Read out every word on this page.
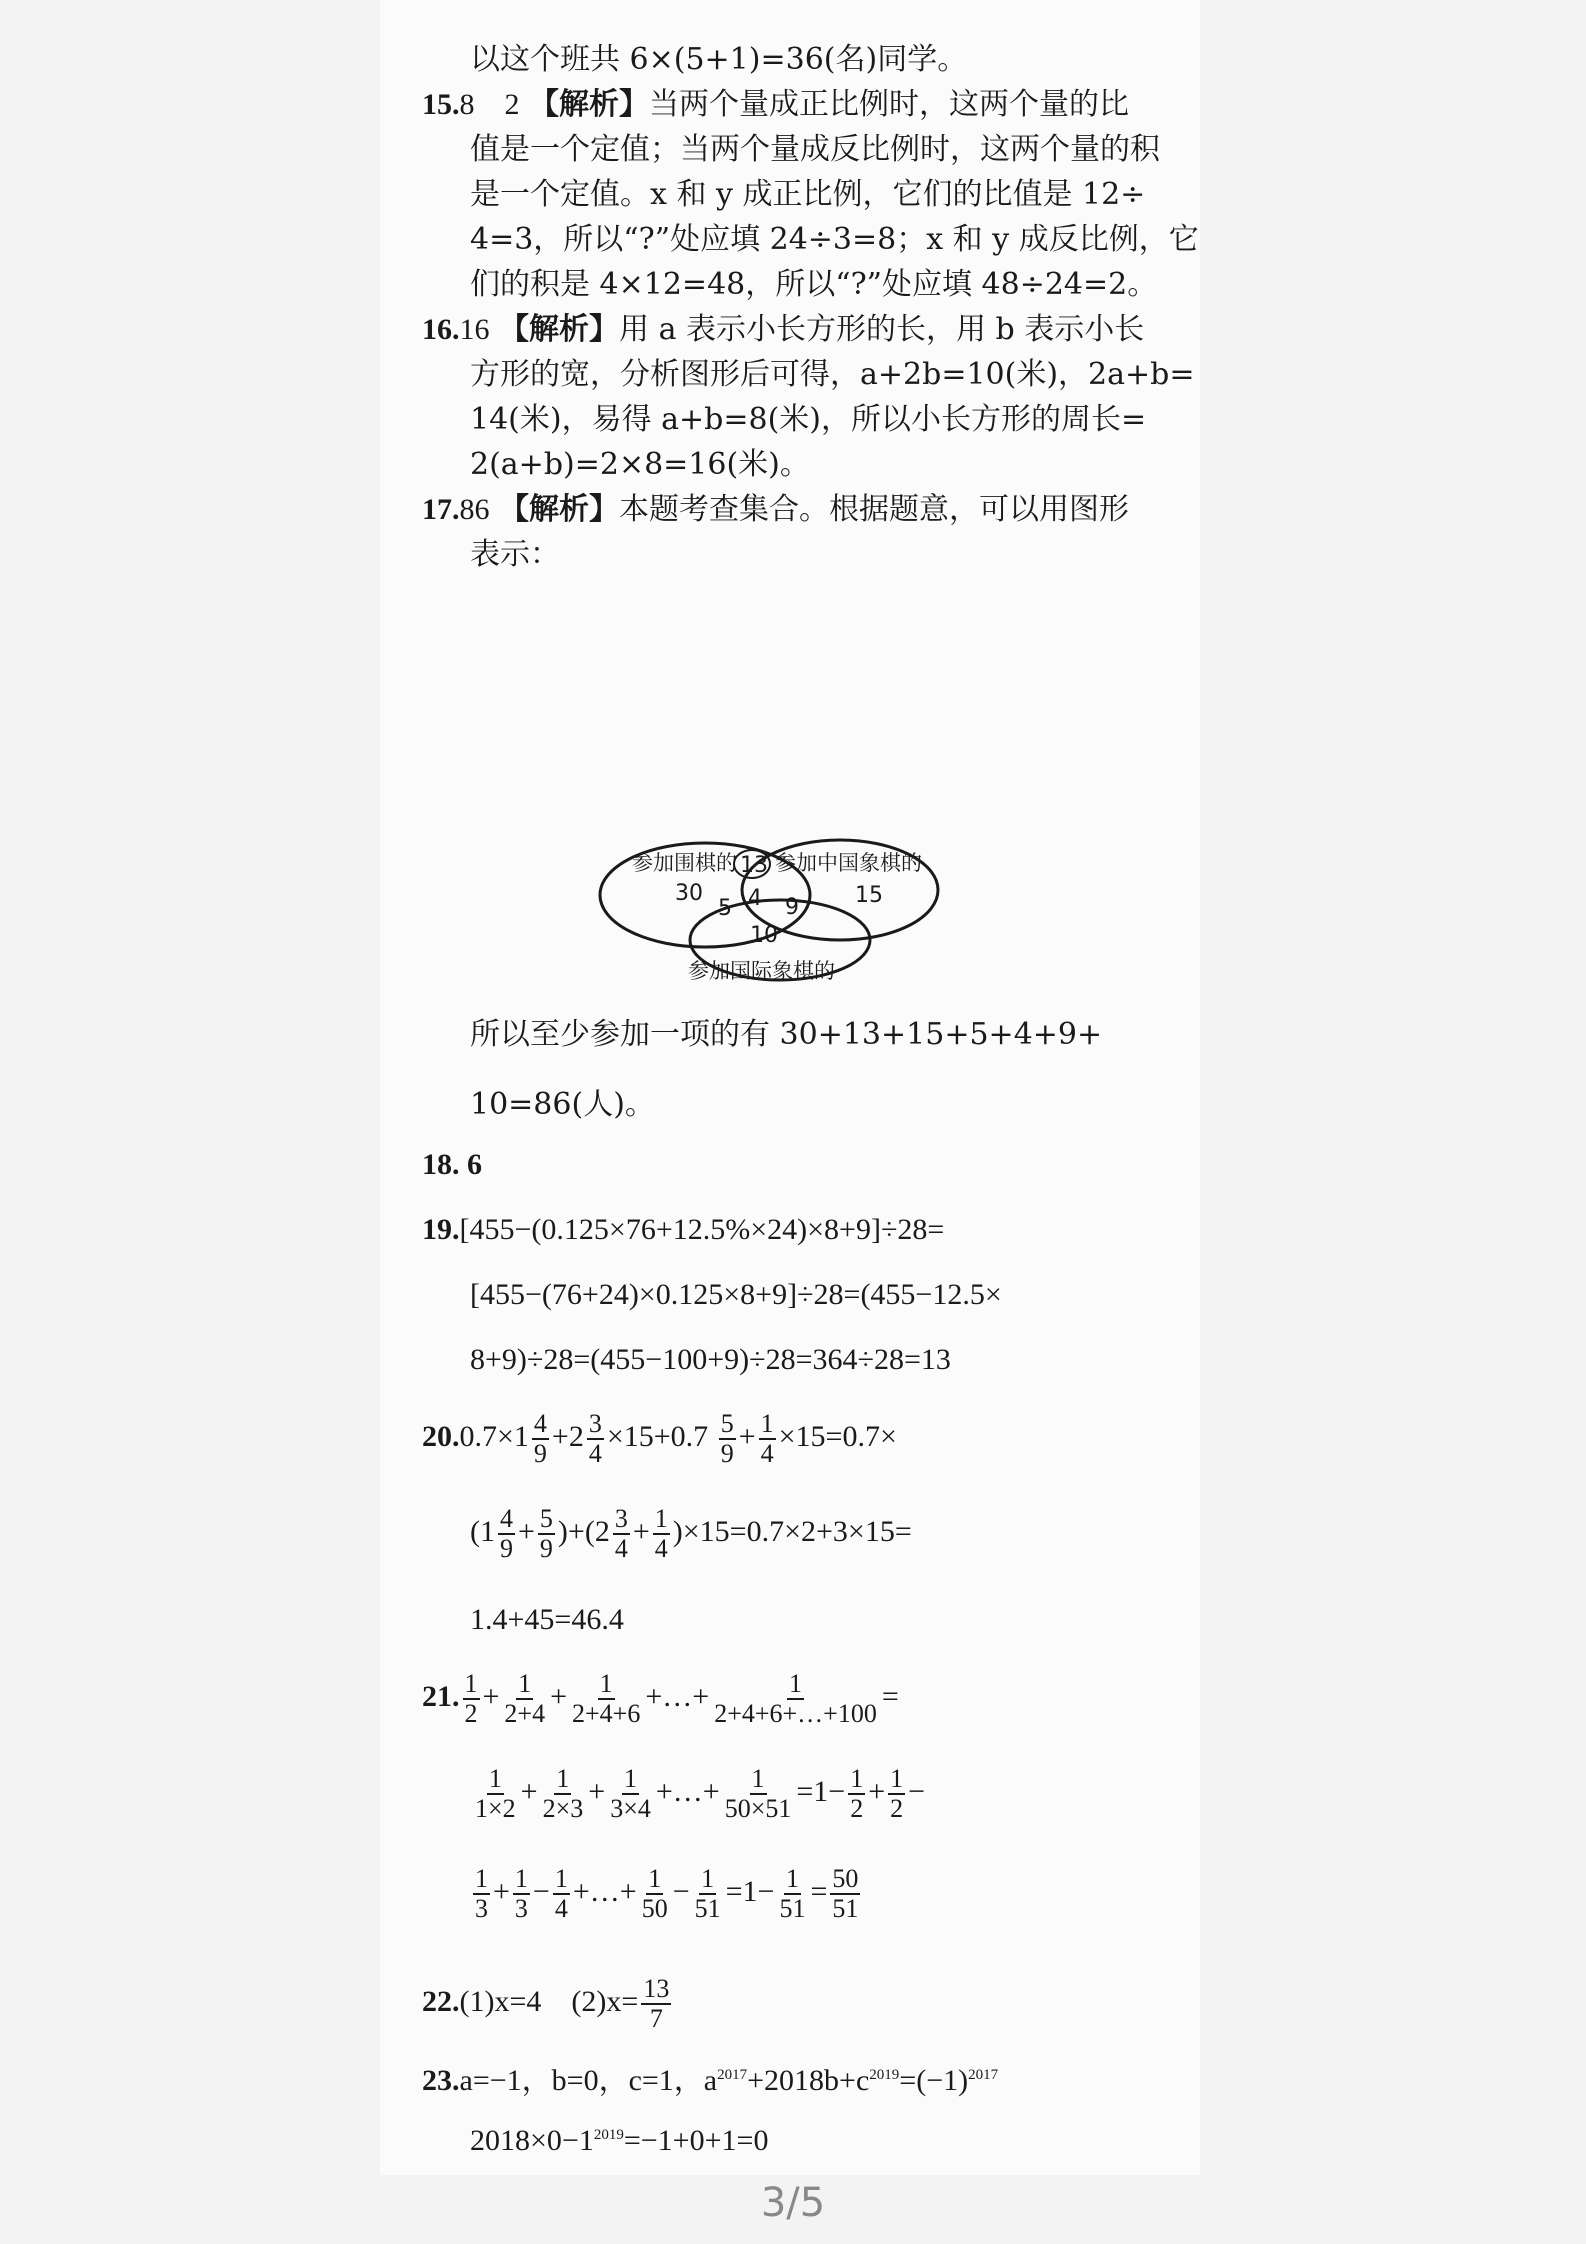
以这个班共 6×(5+1)=36(名)同学。
15.8　2 【解析】当两个量成正比例时，这两个量的比
值是一个定值；当两个量成反比例时，这两个量的积
是一个定值。x 和 y 成正比例，它们的比值是 12÷
4=3，所以“?”处应填 24÷3=8；x 和 y 成反比例，它
们的积是 4×12=48，所以“?”处应填 48÷24=2。
16.16 【解析】用 a 表示小长方形的长，用 b 表示小长
方形的宽，分析图形后可得，a+2b=10(米)，2a+b=
14(米)，易得 a+b=8(米)，所以小长方形的周长=
2(a+b)=2×8=16(米)。
17.86 【解析】本题考查集合。根据题意，可以用图形
表示：
参加围棋的 参加中国象棋的
参加国际象棋的
30
13
15
5 4 9
10
所以至少参加一项的有 30+13+15+5+4+9+
10=86(人)。
18. 6
19.[455−(0.125×76+12.5%×24)×8+9]÷28=
[455−(76+24)×0.125×8+9]÷28=(455−12.5×
8+9)÷28=(455−100+9)÷28=364÷28=13
$20.0.7\times 1 \frac{4}{9} +2 \frac{3}{4} \times 15+0.7 \frac{5}{9} + \frac{1}{4} \times 15=0.7\times$
$(1 \frac{4}{9} + \frac{5}{9} )+(2 \frac{3}{4} + \frac{1}{4} )\times 15=0.7\times 2+3\times 15=$
1.4+45=46.4
21. $\frac{1}{2} + \frac{1}{2+4} + \frac{1}{2+4+6}$ +…+ $\frac{1}{2+4+6+\dots+100}$ =
$\frac{1}{1\times 2} + \frac{1}{2\times 3} + \frac{1}{3\times 4}$ +…+ $\frac{1}{50\times 51} =1- \frac{1}{2} + \frac{1}{2}$ −
$\frac{1}{3} + \frac{1}{3} - \frac{1}{4}$ +…+ $\frac{1}{50} - \frac{1}{51} =1- \frac{1}{51} = \frac{50}{51}$
22.(1)x=4　$(2)x= \frac{13}{7}$
23.a=−1，b=0，c=1，$a^{2017}+2018b+c^{2019}=(-1)^{2017}$
$2018\times 0-1^{2019}=-1+0+1=0$
3/5
